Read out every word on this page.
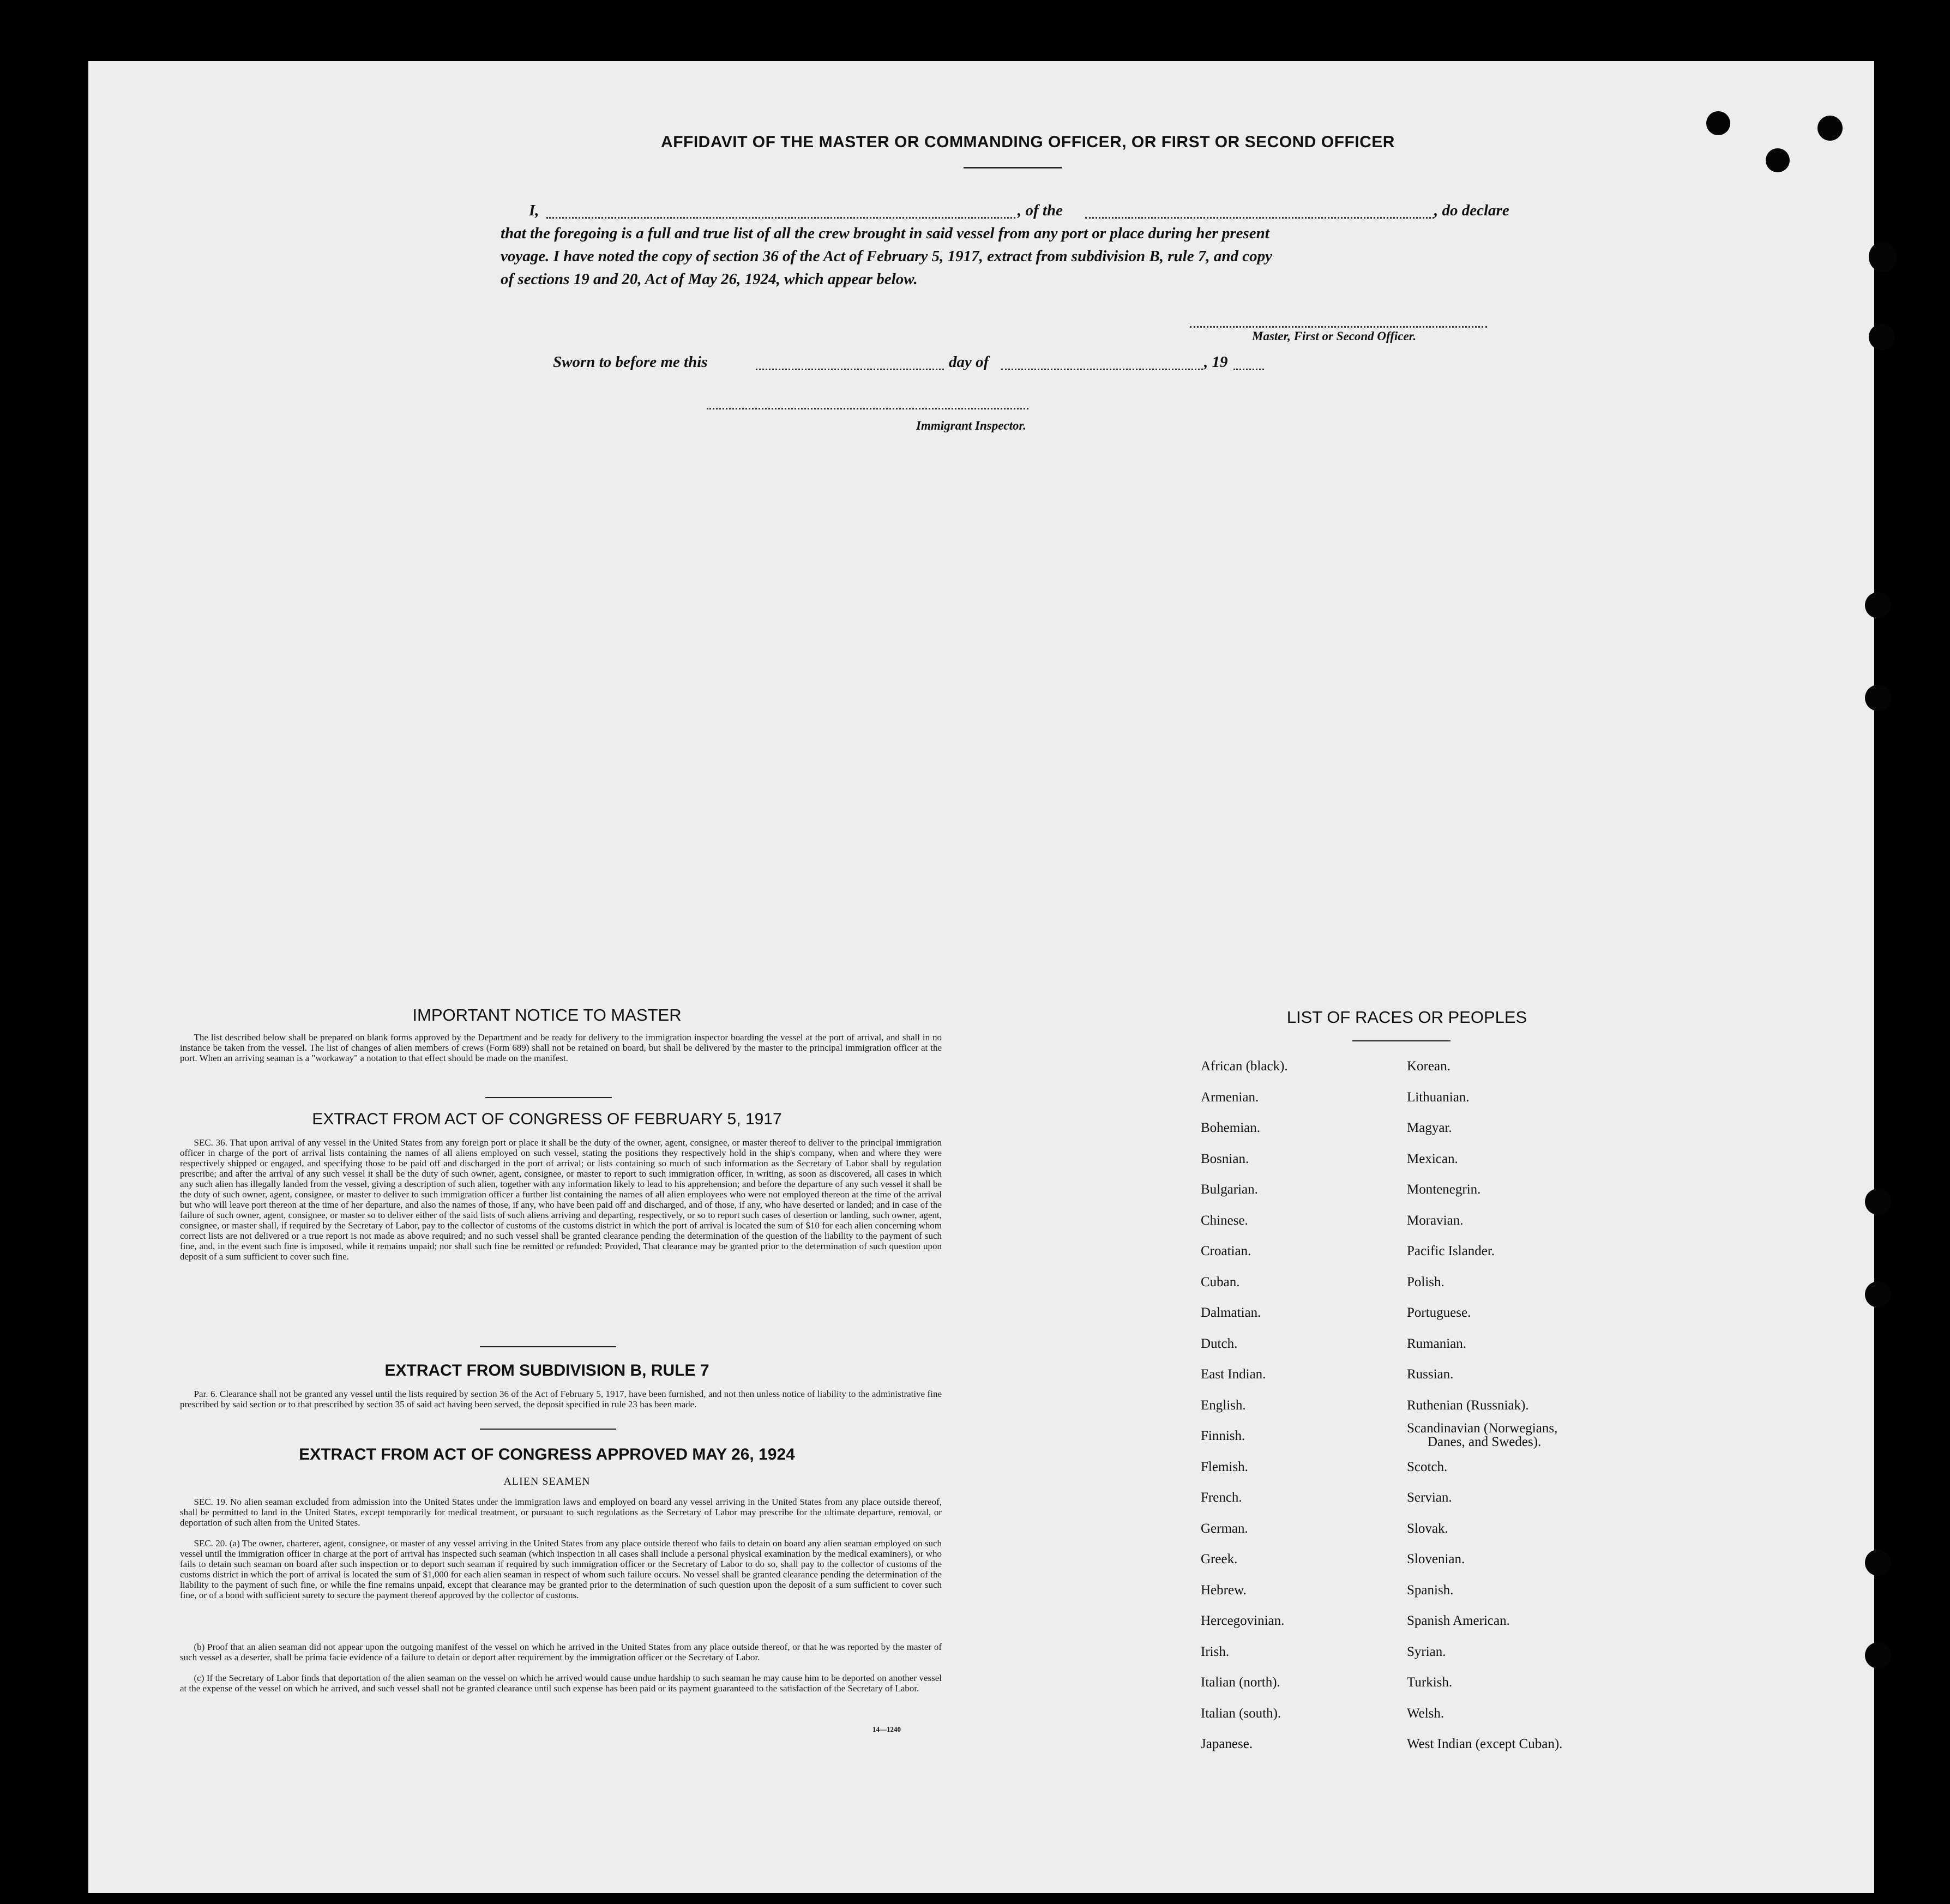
AFFIDAVIT OF THE MASTER OR COMMANDING OFFICER, OR FIRST OR SECOND OFFICER
I,	, of the	, do declare
that the foregoing is a full and true list of all the crew brought in said vessel from any port or place during her present
voyage. I have noted the copy of section 36 of the Act of February 5, 1917, extract from subdivision B, rule 7, and copy
of sections 19 and 20, Act of May 26, 1924, which appear below.
Master, First or Second Officer.
Sworn to before me this	day of	, 19
Immigrant Inspector.
IMPORTANT NOTICE TO MASTER
The list described below shall be prepared on blank forms approved by the Department and be ready for delivery to the immigration inspector boarding the vessel at the port of arrival, and shall in no instance be taken from the vessel. The list of changes of alien members of crews (Form 689) shall not be retained on board, but shall be delivered by the master to the principal immigration officer at the port. When an arriving seaman is a "workaway" a notation to that effect should be made on the manifest.
EXTRACT FROM ACT OF CONGRESS OF FEBRUARY 5, 1917
SEC. 36. That upon arrival of any vessel in the United States from any foreign port or place it shall be the duty of the owner, agent, consignee, or master thereof to deliver to the principal immigration officer in charge of the port of arrival lists containing the names of all aliens employed on such vessel, stating the positions they respectively hold in the ship's company, when and where they were respectively shipped or engaged, and specifying those to be paid off and discharged in the port of arrival; or lists containing so much of such information as the Secretary of Labor shall by regulation prescribe; and after the arrival of any such vessel it shall be the duty of such owner, agent, consignee, or master to report to such immigration officer, in writing, as soon as discovered, all cases in which any such alien has illegally landed from the vessel, giving a description of such alien, together with any information likely to lead to his apprehension; and before the departure of any such vessel it shall be the duty of such owner, agent, consignee, or master to deliver to such immigration officer a further list containing the names of all alien employees who were not employed thereon at the time of the arrival but who will leave port thereon at the time of her departure, and also the names of those, if any, who have been paid off and discharged, and of those, if any, who have deserted or landed; and in case of the failure of such owner, agent, consignee, or master so to deliver either of the said lists of such aliens arriving and departing, respectively, or so to report such cases of desertion or landing, such owner, agent, consignee, or master shall, if required by the Secretary of Labor, pay to the collector of customs of the customs district in which the port of arrival is located the sum of $10 for each alien concerning whom correct lists are not delivered or a true report is not made as above required; and no such vessel shall be granted clearance pending the determination of the question of the liability to the payment of such fine, and, in the event such fine is imposed, while it remains unpaid; nor shall such fine be remitted or refunded: Provided, That clearance may be granted prior to the determination of such question upon deposit of a sum sufficient to cover such fine.
EXTRACT FROM SUBDIVISION B, RULE 7
Par. 6. Clearance shall not be granted any vessel until the lists required by section 36 of the Act of February 5, 1917, have been furnished, and not then unless notice of liability to the administrative fine prescribed by said section or to that prescribed by section 35 of said act having been served, the deposit specified in rule 23 has been made.
EXTRACT FROM ACT OF CONGRESS APPROVED MAY 26, 1924
ALIEN SEAMEN
SEC. 19. No alien seaman excluded from admission into the United States under the immigration laws and employed on board any vessel arriving in the United States from any place outside thereof, shall be permitted to land in the United States, except temporarily for medical treatment, or pursuant to such regulations as the Secretary of Labor may prescribe for the ultimate departure, removal, or deportation of such alien from the United States.
SEC. 20. (a) The owner, charterer, agent, consignee, or master of any vessel arriving in the United States from any place outside thereof who fails to detain on board any alien seaman employed on such vessel until the immigration officer in charge at the port of arrival has inspected such seaman (which inspection in all cases shall include a personal physical examination by the medical examiners), or who fails to detain such seaman on board after such inspection or to deport such seaman if required by such immigration officer or the Secretary of Labor to do so, shall pay to the collector of customs of the customs district in which the port of arrival is located the sum of $1,000 for each alien seaman in respect of whom such failure occurs. No vessel shall be granted clearance pending the determination of the liability to the payment of such fine, or while the fine remains unpaid, except that clearance may be granted prior to the determination of such question upon the deposit of a sum sufficient to cover such fine, or of a bond with sufficient surety to secure the payment thereof approved by the collector of customs.
(b) Proof that an alien seaman did not appear upon the outgoing manifest of the vessel on which he arrived in the United States from any place outside thereof, or that he was reported by the master of such vessel as a deserter, shall be prima facie evidence of a failure to detain or deport after requirement by the immigration officer or the Secretary of Labor.
(c) If the Secretary of Labor finds that deportation of the alien seaman on the vessel on which he arrived would cause undue hardship to such seaman he may cause him to be deported on another vessel at the expense of the vessel on which he arrived, and such vessel shall not be granted clearance until such expense has been paid or its payment guaranteed to the satisfaction of the Secretary of Labor.
14—1240
LIST OF RACES OR PEOPLES
African (black).
Armenian.
Bohemian.
Bosnian.
Bulgarian.
Chinese.
Croatian.
Cuban.
Dalmatian.
Dutch.
East Indian.
English.
Finnish.
Flemish.
French.
German.
Greek.
Hebrew.
Hercegovinian.
Irish.
Italian (north).
Italian (south).
Japanese.
Korean.
Lithuanian.
Magyar.
Mexican.
Montenegrin.
Moravian.
Pacific Islander.
Polish.
Portuguese.
Rumanian.
Russian.
Ruthenian (Russniak).
Scandinavian (Norwegians,
Danes, and Swedes).
Scotch.
Servian.
Slovak.
Slovenian.
Spanish.
Spanish American.
Syrian.
Turkish.
Welsh.
West Indian (except Cuban).
